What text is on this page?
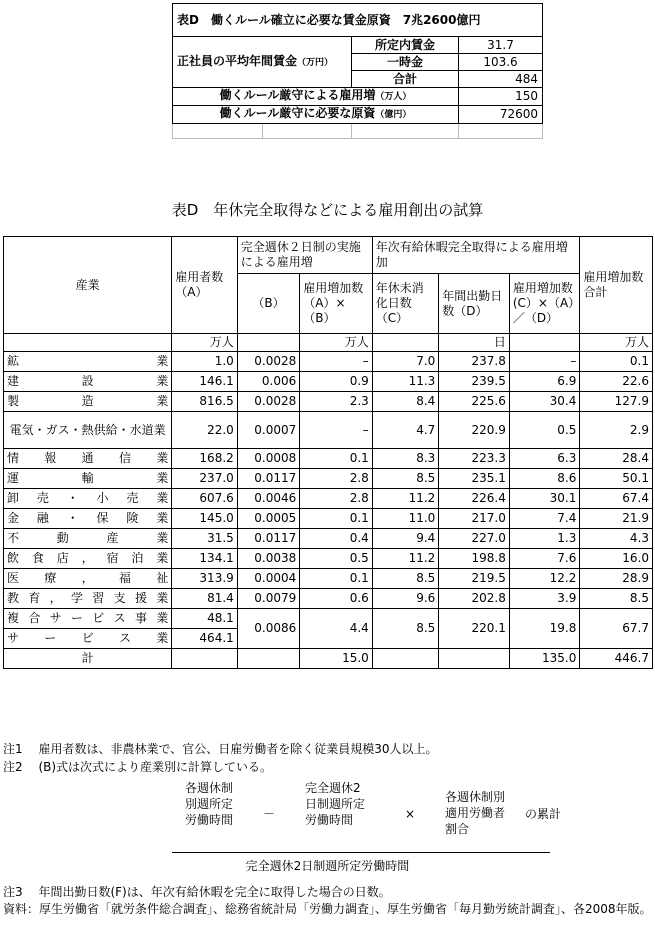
表D　働くルール確立に必要な賃金原資　7兆2600億円		
正社員の平均年間賃金（万円）	所定内賃金	31.7
	一時金	103.6
	合計	484
働くルール厳守による雇用増（万人）		150
働くルール厳守に必要な原資（億円）		72600

表D　年休完全取得などによる雇用創出の試算
産業	雇用者数（A）	完全週休２日制の実施による雇用増		年次有給休暇完全取得による雇用増加			雇用増加数合計
		（B）	雇用増加数（A）×（B）	年休未消化日数（C）	年間出勤日数（D）	雇用増加数(C）×（A）／（D）	
	万人		万人		日		万人
鉱業	1.0	0.0028	–	7.0	237.8	–	0.1
建設業	146.1	0.006	0.9	11.3	239.5	6.9	22.6
製造業	816.5	0.0028	2.3	8.4	225.6	30.4	127.9
電気・ガス・熱供給・水道業	22.0	0.0007	–	4.7	220.9	0.5	2.9
情報通信業	168.2	0.0008	0.1	8.3	223.3	6.3	28.4
運輸業	237.0	0.0117	2.8	8.5	235.1	8.6	50.1
卸売・小売業	607.6	0.0046	2.8	11.2	226.4	30.1	67.4
金融・保険業	145.0	0.0005	0.1	11.0	217.0	7.4	21.9
不動産業	31.5	0.0117	0.4	9.4	227.0	1.3	4.3
飲食店，宿泊業	134.1	0.0038	0.5	11.2	198.8	7.6	16.0
医療，福祉	313.9	0.0004	0.1	8.5	219.5	12.2	28.9
教育，学習支援業	81.4	0.0079	0.6	9.6	202.8	3.9	8.5
複合サービス事業	48.1	0.0086	4.4	8.5	220.1	19.8	67.7
サービス業	464.1						
計			15.0			135.0	446.7
注1　 雇用者数は、非農林業で、官公、日雇労働者を除く従業員規模30人以上。
注2　 (B)式は次式により産業別に計算している。
各週休制別週所定労働時間	－
完全週休2日制週所定労働時間	×
各週休制別適用労働者割合
の累計
完全週休2日制週所定労働時間
注3　 年間出勤日数(F)は、年次有給休暇を完全に取得した場合の日数。
資料：厚生労働省「就労条件総合調査」、総務省統計局「労働力調査」、厚生労働省「毎月勤労統計調査」、各2008年版。
